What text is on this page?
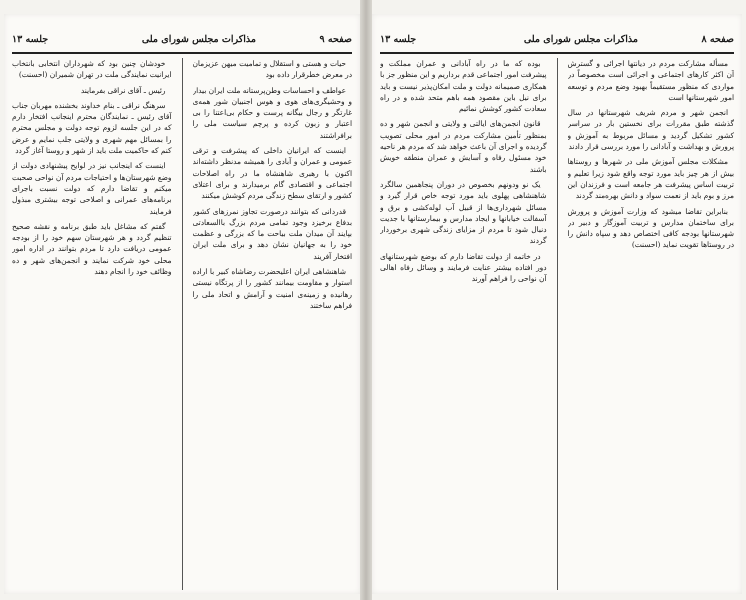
صفحه ۹
مذاکرات مجلس شورای ملی
جلسه ۱۳

حیات و هستی و استقلال و تمامیت میهن عزیزمان در معرض خطرقرار داده بود

عواطف و احساسات وطن‌پرستانه ملت ایران بیدار و وحشیگری‌های هوی و هوس اجنبیان شور همه‌ی غارتگر و رجال بیگانه پرست و حکام بی‌اعتنا را بی اعتبار و زبون کرده و پرچم سیاست ملی را برافراشتند

اینست که ایرانیان داخلی که پیشرفت و ترقی عمومی و عمران و آبادی را همیشه مدنظر داشته‌اند اکنون با رهبری شاهنشاه ما در راه اصلاحات اجتماعی و اقتصادی گام برمیدارند و برای اعتلای کشور و ارتقای سطح زندگی مردم کوشش میکنند

قدردانی که بتوانند درصورت تجاوز نمرزهای کشور بدفاع برخیزد وجود تمامی مردم بزرگ باالسعادتی بپایند آن میدان ملت بیاحت ما که بزرگی و عظمت خود را به جهانیان نشان دهد و برای ملت ایران افتخار آفریند

شاهنشاهی ایران اعلیحضرت رضاشاه کبیر با اراده استوار و مقاومت بیمانند کشور را از پرتگاه نیستی رهانیده و زمینه‌ی امنیت و آرامش و اتحاد ملی را فراهم ساختند

خودشان چنین بود که شهرداران انتخابی بانتخاب ایرانیت نمایندگی ملت در تهران شمیران (احسنت)

رئیس ـ آقای نراقی بفرمایند

سرهنگ نراقی ـ بنام خداوند بخشنده مهربان جناب آقای رئیس ـ نمایندگان محترم اینجانب افتخار دارم که در این جلسه لزوم توجه دولت و مجلس محترم را بمسائل مهم شهری و ولایتی جلب نمایم و عرض کنم که حاکمیت ملت باید از شهر و روستا آغاز گردد

اینست که اینجانب نیز در لوایح پیشنهادی دولت از وضع شهرستان‌ها و احتیاجات مردم آن نواحی صحبت میکنم و تقاضا دارم که دولت نسبت باجرای برنامه‌های عمرانی و اصلاحی توجه بیشتری مبذول فرمایند

گفتم که مشاغل باید طبق برنامه و نقشه صحیح تنظیم گردد و هر شهرستان سهم خود را از بودجه عمومی دریافت دارد تا مردم بتوانند در اداره امور محلی خود شرکت نمایند و انجمن‌های شهر و ده وظائف خود را انجام دهند

صفحه ۸
مذاکرات مجلس شورای ملی
جلسه ۱۳

مسأله مشارکت مردم در دیانتها اجرائی و گسترش آن اکثر کارهای اجتماعی و اجرائی است مخصوصاً در مواردی که منظور مستقیماً بهبود وضع مردم و توسعه امور شهرستانها است

انجمن شهر و مردم شریف شهرستانها در سال گذشته طبق مقررات برای نخستین بار در سراسر کشور تشکیل گردید و مسائل مربوط به آموزش و پرورش و بهداشت و آبادانی را مورد بررسی قرار دادند

مشکلات مجلس آموزش ملی در شهرها و روستاها بیش از هر چیز باید مورد توجه واقع شود زیرا تعلیم و تربیت اساس پیشرفت هر جامعه است و فرزندان این مرز و بوم باید از نعمت سواد و دانش بهره‌مند گردند

بنابراین تقاضا میشود که وزارت آموزش و پرورش برای ساختمان مدارس و تربیت آموزگار و دبیر در شهرستانها بودجه کافی اختصاص دهد و سپاه دانش را در روستاها تقویت نماید (احسنت)

بوده که ما در راه آبادانی و عمران مملکت و پیشرفت امور اجتماعی قدم برداریم و این منظور جز با همکاری صمیمانه دولت و ملت امکان‌پذیر نیست و باید برای نیل باین مقصود همه باهم متحد شده و در راه سعادت کشور کوشش نمائیم

قانون انجمن‌های ایالتی و ولایتی و انجمن شهر و ده بمنظور تأمین مشارکت مردم در امور محلی تصویب گردیده و اجرای آن باعث خواهد شد که مردم هر ناحیه خود مسئول رفاه و آسایش و عمران منطقه خویش باشند

یک نو ودونهم بخصوص در دوران پنجاهمین سالگرد شاهنشاهی پهلوی باید مورد توجه خاص قرار گیرد و مسائل شهرداری‌ها از قبیل آب لوله‌کشی و برق و آسفالت خیابانها و ایجاد مدارس و بیمارستانها با جدیت دنبال شود تا مردم از مزایای زندگی شهری برخوردار گردند

در خاتمه از دولت تقاضا دارم که بوضع شهرستانهای دور افتاده بیشتر عنایت فرمایند و وسائل رفاه اهالی آن نواحی را فراهم آورند
